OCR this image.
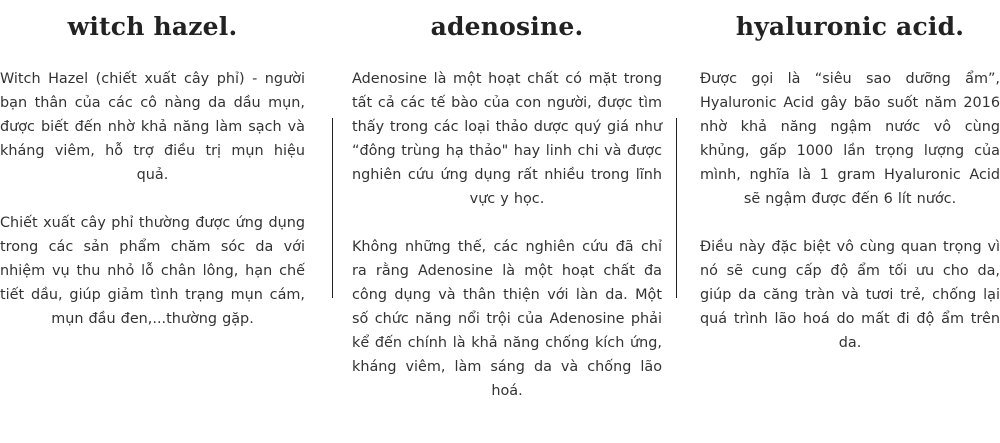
witch hazel.

Witch Hazel (chiết xuất cây phỉ) - người bạn thân của các cô nàng da dầu mụn, được biết đến nhờ khả năng làm sạch và kháng viêm, hỗ trợ điều trị mụn hiệu quả.

Chiết xuất cây phỉ thường được ứng dụng trong các sản phẩm chăm sóc da với nhiệm vụ thu nhỏ lỗ chân lông, hạn chế tiết dầu, giúp giảm tình trạng mụn cám, mụn đầu đen,...thường gặp.

adenosine.

Adenosine là một hoạt chất có mặt trong tất cả các tế bào của con người, được tìm thấy trong các loại thảo dược quý giá như “đông trùng hạ thảo" hay linh chi và được nghiên cứu ứng dụng rất nhiều trong lĩnh vực y học.

Không những thế, các nghiên cứu đã chỉ ra rằng Adenosine là một hoạt chất đa công dụng và thân thiện với làn da. Một số chức năng nổi trội của Adenosine phải kể đến chính là khả năng chống kích ứng, kháng viêm, làm sáng da và chống lão hoá.

hyaluronic acid.

Được gọi là “siêu sao dưỡng ẩm”, Hyaluronic Acid gây bão suốt năm 2016 nhờ khả năng ngậm nước vô cùng khủng, gấp 1000 lần trọng lượng của mình, nghĩa là 1 gram Hyaluronic Acid sẽ ngậm được đến 6 lít nước.

Điều này đặc biệt vô cùng quan trọng vì nó sẽ cung cấp độ ẩm tối ưu cho da, giúp da căng tràn và tươi trẻ, chống lại quá trình lão hoá do mất đi độ ẩm trên da.
